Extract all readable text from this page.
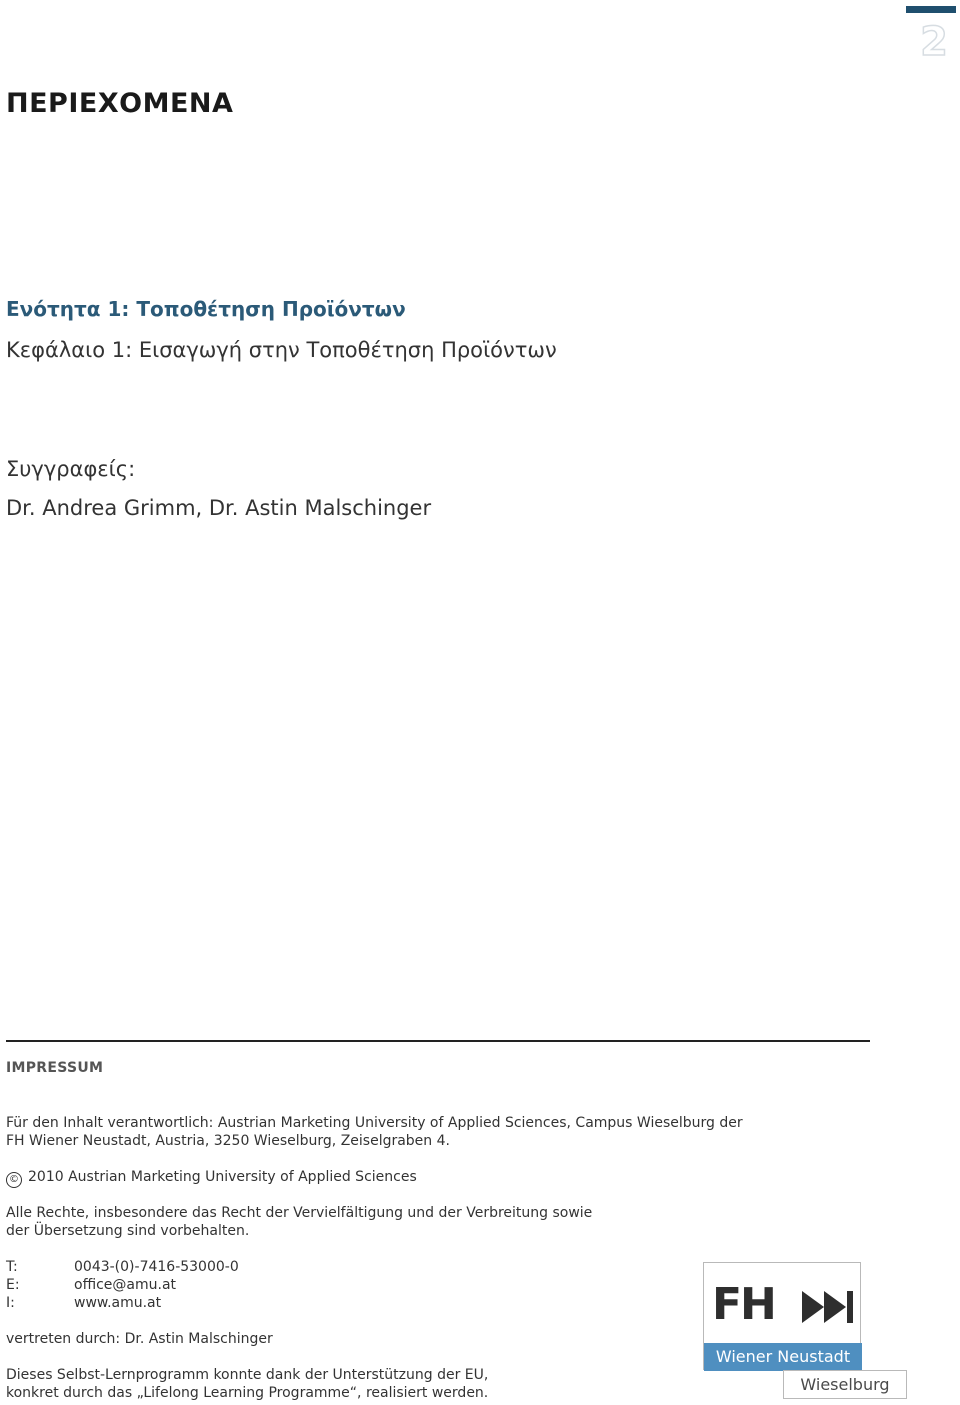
2
ΠΕΡΙΕΧΟΜΕΝΑ
Ενότητα 1: Τοποθέτηση Προϊόντων
Κεφάλαιο 1: Εισαγωγή στην Τοποθέτηση Προϊόντων
Συγγραφείς:
Dr. Andrea Grimm, Dr. Astin Malschinger
IMPRESSUM
Für den Inhalt verantwortlich: Austrian Marketing University of Applied Sciences, Campus Wieselburg der
FH Wiener Neustadt, Austria, 3250 Wieselburg, Zeiselgraben 4.
© 2010 Austrian Marketing University of Applied Sciences
Alle Rechte, insbesondere das Recht der Vervielfältigung und der Verbreitung sowie
der Übersetzung sind vorbehalten.
T:	0043-(0)-7416-53000-0
E:	office@amu.at
I:	www.amu.at
vertreten durch: Dr. Astin Malschinger
Dieses Selbst-Lernprogramm konnte dank der Unterstützung der EU,
konkret durch das „Lifelong Learning Programme“, realisiert werden.
FH
Wiener Neustadt
Wieselburg
